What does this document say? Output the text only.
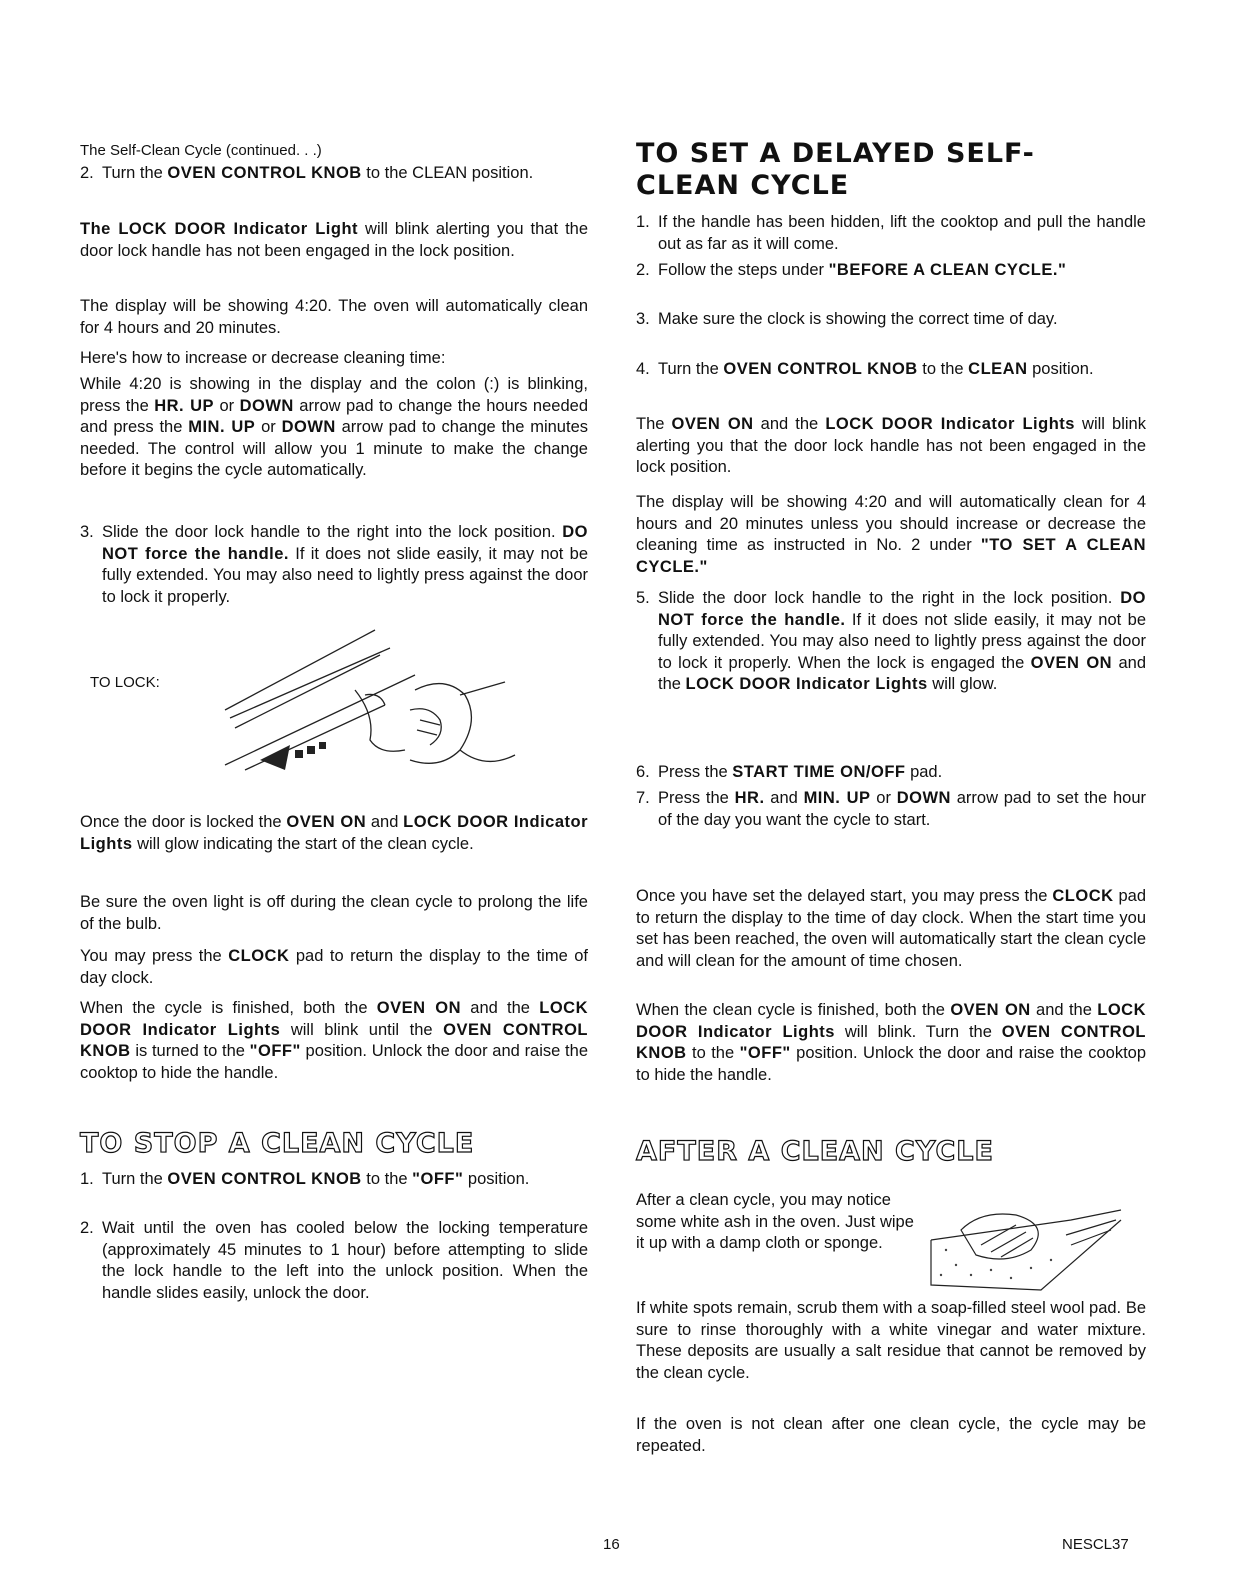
The Self-Clean Cycle (continued. . .)

2. Turn the OVEN CONTROL KNOB to the CLEAN position.

The LOCK DOOR Indicator Light will blink alerting you that the door lock handle has not been engaged in the lock position.

The display will be showing 4:20. The oven will automatically clean for 4 hours and 20 minutes.

Here's how to increase or decrease cleaning time:

While 4:20 is showing in the display and the colon (:) is blinking, press the HR. UP or DOWN arrow pad to change the hours needed and press the MIN. UP or DOWN arrow pad to change the minutes needed. The control will allow you 1 minute to make the change before it begins the cycle automatically.

3. Slide the door lock handle to the right into the lock position. DO NOT force the handle. If it does not slide easily, it may not be fully extended. You may also need to lightly press against the door to lock it properly.

TO LOCK:

Once the door is locked the OVEN ON and LOCK DOOR Indicator Lights will glow indicating the start of the clean cycle.

Be sure the oven light is off during the clean cycle to prolong the life of the bulb.

You may press the CLOCK pad to return the display to the time of day clock.

When the cycle is finished, both the OVEN ON and the LOCK DOOR Indicator Lights will blink until the OVEN CONTROL KNOB is turned to the "OFF" position. Unlock the door and raise the cooktop to hide the handle.

TO STOP A CLEAN CYCLE
1. Turn the OVEN CONTROL KNOB to the "OFF" position.

2. Wait until the oven has cooled below the locking temperature (approximately 45 minutes to 1 hour) before attempting to slide the lock handle to the left into the unlock position. When the handle slides easily, unlock the door.

TO SET A DELAYED SELF-CLEAN CYCLE
1. If the handle has been hidden, lift the cooktop and pull the handle out as far as it will come.

2. Follow the steps under "BEFORE A CLEAN CYCLE."

3. Make sure the clock is showing the correct time of day.

4. Turn the OVEN CONTROL KNOB to the CLEAN position.

The OVEN ON and the LOCK DOOR Indicator Lights will blink alerting you that the door lock handle has not been engaged in the lock position.

The display will be showing 4:20 and will automatically clean for 4 hours and 20 minutes unless you should increase or decrease the cleaning time as instructed in No. 2 under "TO SET A CLEAN CYCLE."

5. Slide the door lock handle to the right in the lock position. DO NOT force the handle. If it does not slide easily, it may not be fully extended. You may also need to lightly press against the door to lock it properly. When the lock is engaged the OVEN ON and the LOCK DOOR Indicator Lights will glow.

6. Press the START TIME ON/OFF pad.

7. Press the HR. and MIN. UP or DOWN arrow pad to set the hour of the day you want the cycle to start.

Once you have set the delayed start, you may press the CLOCK pad to return the display to the time of day clock. When the start time you set has been reached, the oven will automatically start the clean cycle and will clean for the amount of time chosen.

When the clean cycle is finished, both the OVEN ON and the LOCK DOOR Indicator Lights will blink. Turn the OVEN CONTROL KNOB to the "OFF" position. Unlock the door and raise the cooktop to hide the handle.

AFTER A CLEAN CYCLE

After a clean cycle, you may notice some white ash in the oven. Just wipe it up with a damp cloth or sponge.

If white spots remain, scrub them with a soap-filled steel wool pad. Be sure to rinse thoroughly with a white vinegar and water mixture. These deposits are usually a salt residue that cannot be removed by the clean cycle.

If the oven is not clean after one clean cycle, the cycle may be repeated.

16	NESCL37
